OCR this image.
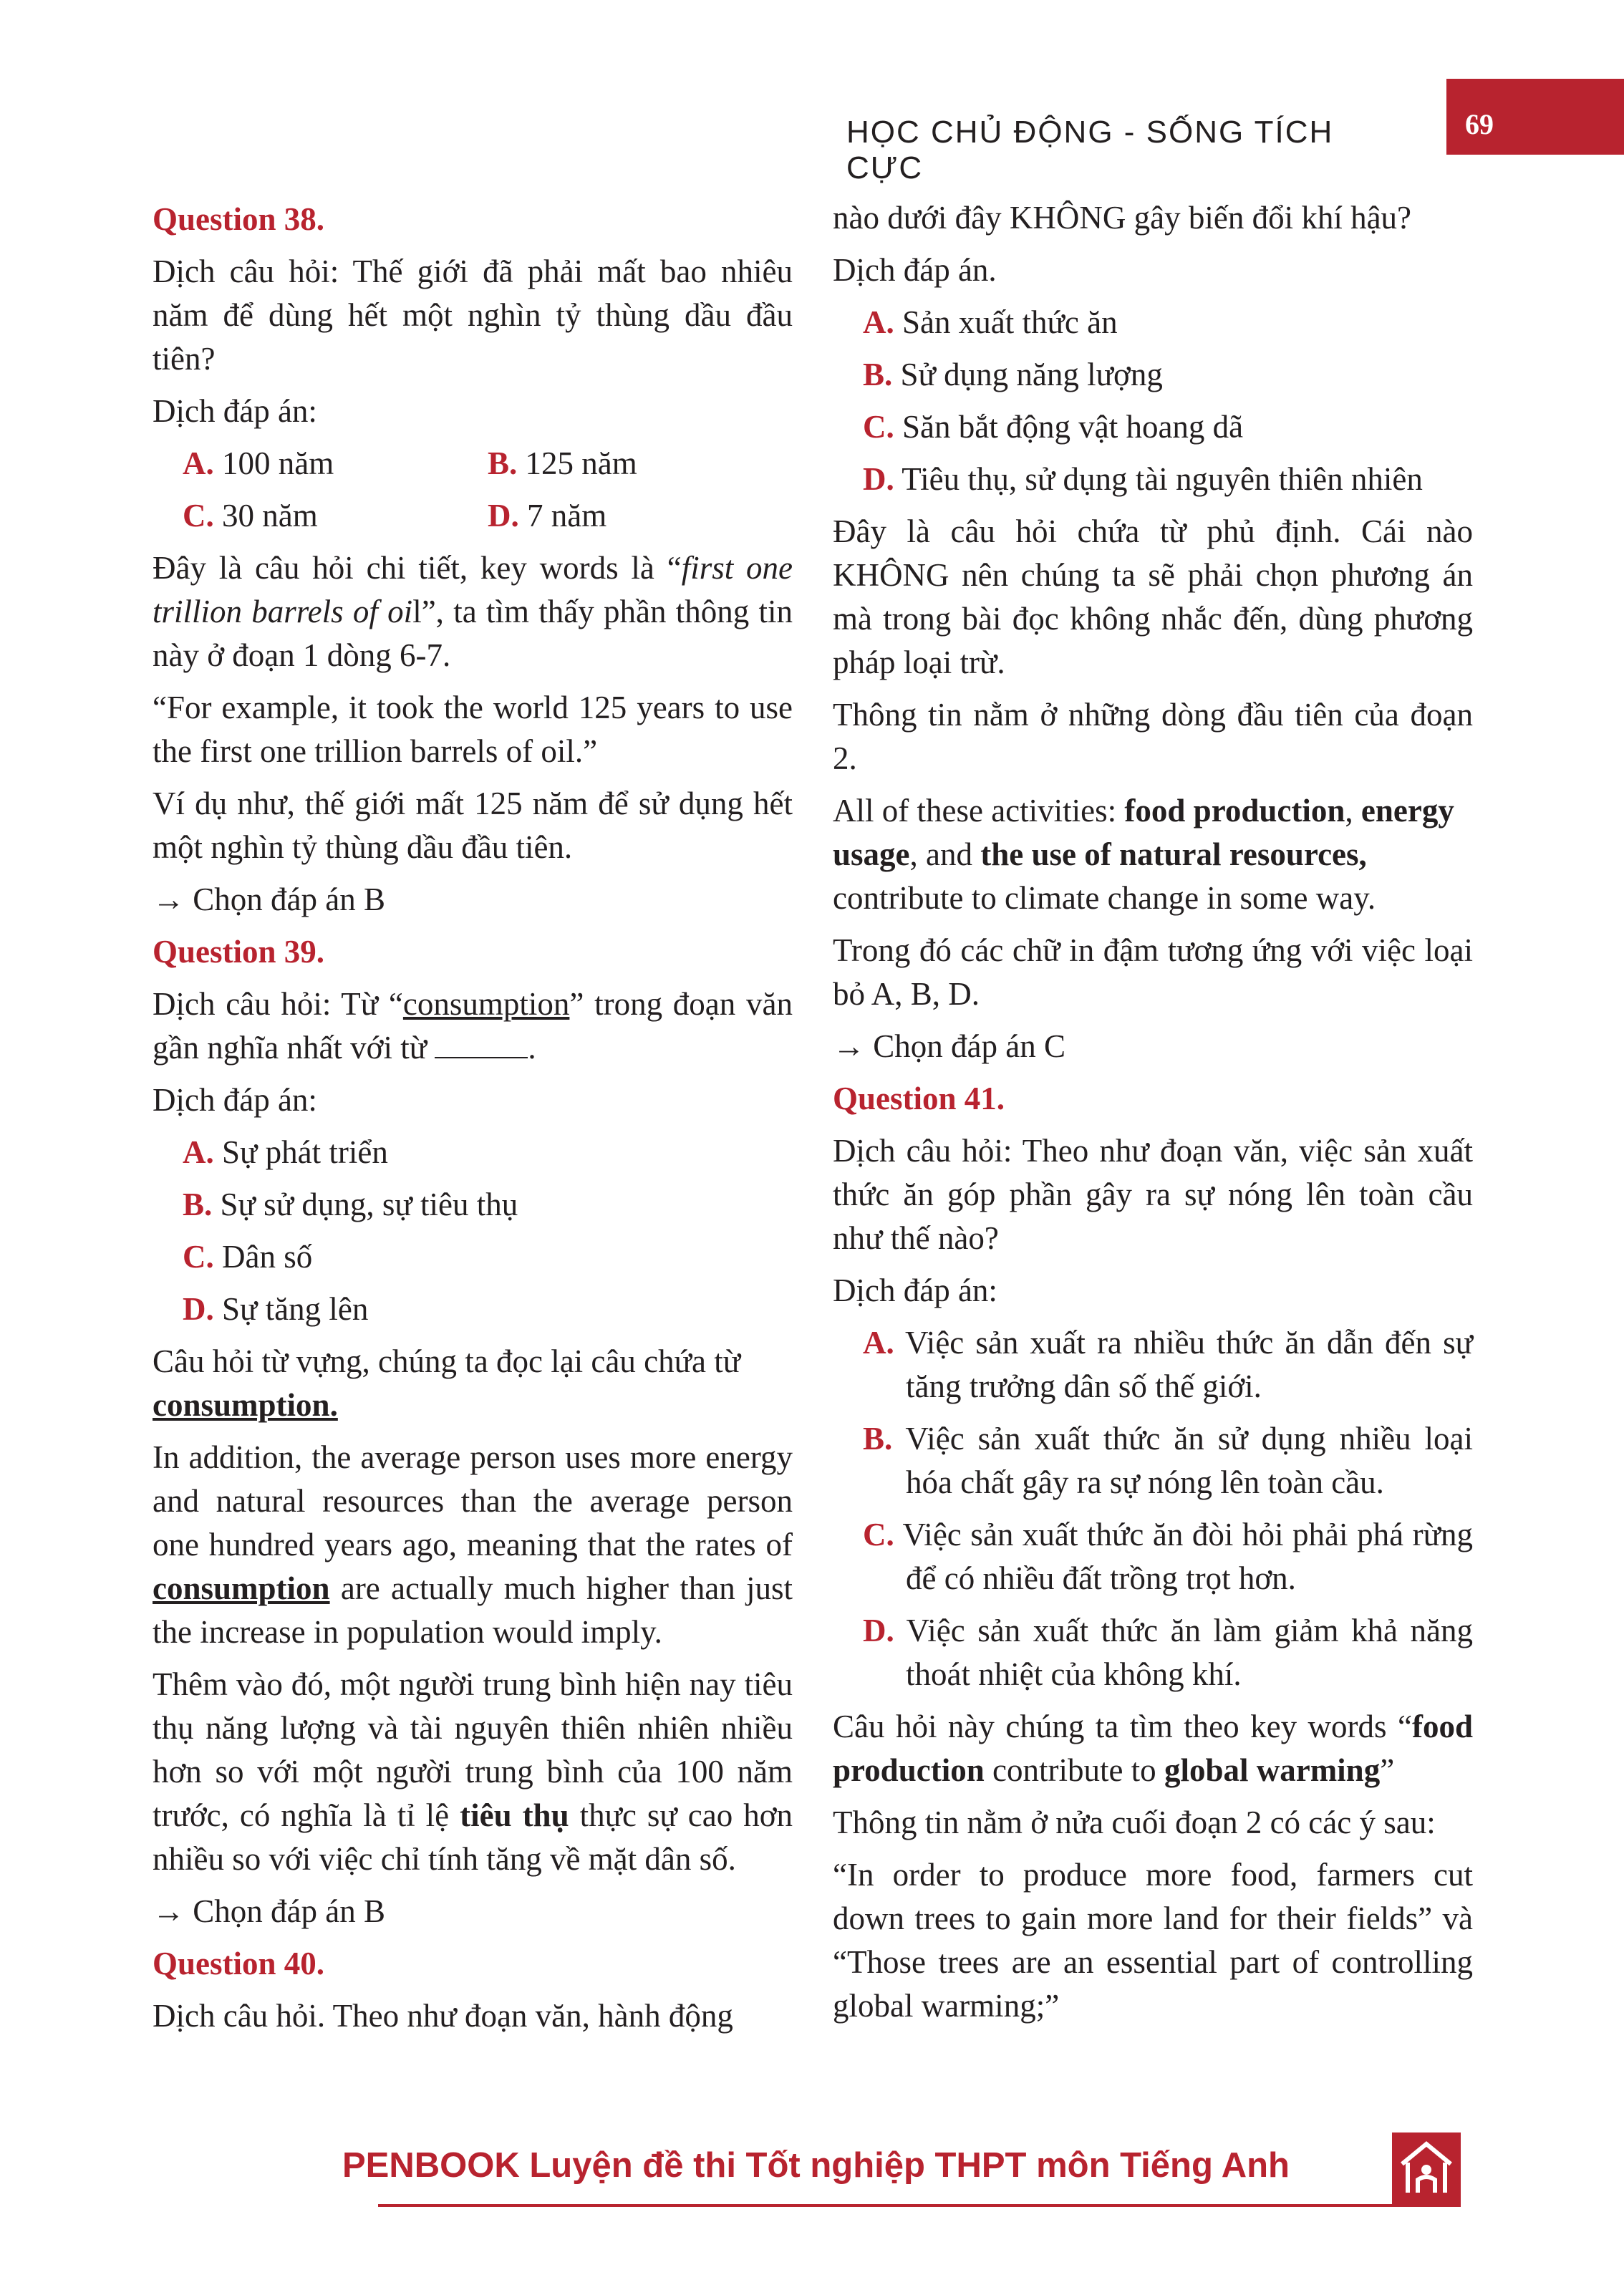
HỌC CHỦ ĐỘNG - SỐNG TÍCH CỰC
69
Question 38.

Dịch câu hỏi: Thế giới đã phải mất bao nhiêu năm để dùng hết một nghìn tỷ thùng dầu đầu tiên?

Dịch đáp án:

A. 100 năm	B. 125 năm
C. 30 năm	D. 7 năm

Đây là câu hỏi chi tiết, key words là “first one trillion barrels of oil”, ta tìm thấy phần thông tin này ở đoạn 1 dòng 6-7.

“For example, it took the world 125 years to use the first one trillion barrels of oil.”

Ví dụ như, thế giới mất 125 năm để sử dụng hết một nghìn tỷ thùng dầu đầu tiên.

→ Chọn đáp án B

Question 39.

Dịch câu hỏi: Từ “consumption” trong đoạn văn gần nghĩa nhất với từ	.

Dịch đáp án:

A. Sự phát triển
B. Sự sử dụng, sự tiêu thụ
C. Dân số
D. Sự tăng lên

Câu hỏi từ vựng, chúng ta đọc lại câu chứa từ
consumption.

In addition, the average person uses more energy and natural resources than the average person one hundred years ago, meaning that the rates of consumption are actually much higher than just the increase in population would imply.

Thêm vào đó, một người trung bình hiện nay tiêu thụ năng lượng và tài nguyên thiên nhiên nhiều hơn so với một người trung bình của 100 năm trước, có nghĩa là tỉ lệ tiêu thụ thực sự cao hơn nhiều so với việc chỉ tính tăng về mặt dân số.

→ Chọn đáp án B

Question 40.

Dịch câu hỏi. Theo như đoạn văn, hành động

nào dưới đây KHÔNG gây biến đổi khí hậu?

Dịch đáp án.

A. Sản xuất thức ăn
B. Sử dụng năng lượng
C. Săn bắt động vật hoang dã
D. Tiêu thụ, sử dụng tài nguyên thiên nhiên

Đây là câu hỏi chứa từ phủ định. Cái nào KHÔNG nên chúng ta sẽ phải chọn phương án mà trong bài đọc không nhắc đến, dùng phương pháp loại trừ.

Thông tin nằm ở những dòng đầu tiên của đoạn 2.

All of these activities: food production, energy usage, and the use of natural resources, contribute to climate change in some way.

Trong đó các chữ in đậm tương ứng với việc loại bỏ A, B, D.

→ Chọn đáp án C

Question 41.

Dịch câu hỏi: Theo như đoạn văn, việc sản xuất thức ăn góp phần gây ra sự nóng lên toàn cầu như thế nào?

Dịch đáp án:

A. Việc sản xuất ra nhiều thức ăn dẫn đến sự tăng trưởng dân số thế giới.
B. Việc sản xuất thức ăn sử dụng nhiều loại hóa chất gây ra sự nóng lên toàn cầu.
C. Việc sản xuất thức ăn đòi hỏi phải phá rừng để có nhiều đất trồng trọt hơn.
D. Việc sản xuất thức ăn làm giảm khả năng thoát nhiệt của không khí.

Câu hỏi này chúng ta tìm theo key words “food production contribute to global warming”

Thông tin nằm ở nửa cuối đoạn 2 có các ý sau:

“In order to produce more food, farmers cut down trees to gain more land for their fields” và “Those trees are an essential part of controlling global warming;”

PENBOOK Luyện đề thi Tốt nghiệp THPT môn Tiếng Anh
